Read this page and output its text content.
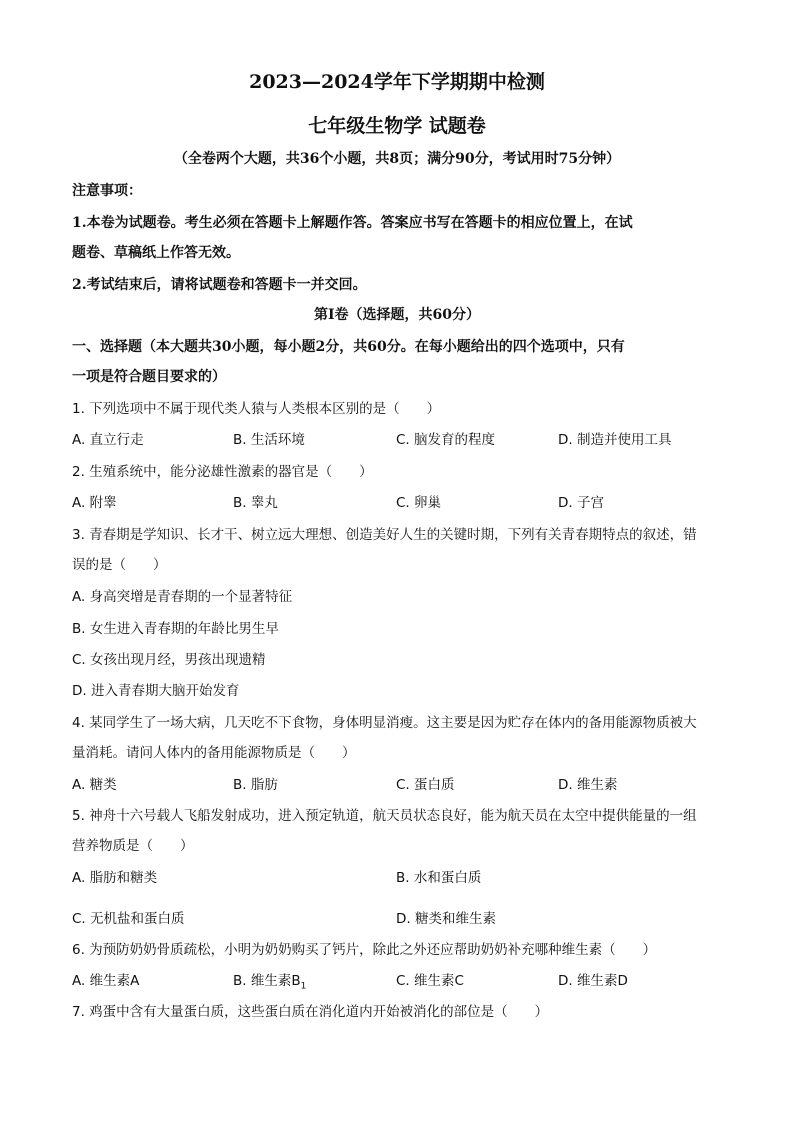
2023—2024学年下学期期中检测
七年级生物学 试题卷
（全卷两个大题，共36个小题，共8页；满分90分，考试用时75分钟）
注意事项：
1.本卷为试题卷。考生必须在答题卡上解题作答。答案应书写在答题卡的相应位置上，在试
题卷、草稿纸上作答无效。
2.考试结束后，请将试题卷和答题卡一并交回。
第Ⅰ卷（选择题，共60分）
一、选择题（本大题共30小题，每小题2分，共60分。在每小题给出的四个选项中，只有
一项是符合题目要求的）
1. 下列选项中不属于现代类人猿与人类根本区别的是（　　）
A. 直立行走	B. 生活环境	C. 脑发育的程度	D. 制造并使用工具
2. 生殖系统中，能分泌雄性激素的器官是（　　）
A. 附睾	B. 睾丸	C. 卵巢	D. 子宫
3. 青春期是学知识、长才干、树立远大理想、创造美好人生的关键时期，下列有关青春期特点的叙述，错
误的是（　　）
A. 身高突增是青春期的一个显著特征
B. 女生进入青春期的年龄比男生早
C. 女孩出现月经，男孩出现遗精
D. 进入青春期大脑开始发育
4. 某同学生了一场大病，几天吃不下食物，身体明显消瘦。这主要是因为贮存在体内的备用能源物质被大
量消耗。请问人体内的备用能源物质是（　　）
A. 糖类	B. 脂肪	C. 蛋白质	D. 维生素
5. 神舟十六号载人飞船发射成功，进入预定轨道，航天员状态良好，能为航天员在太空中提供能量的一组
营养物质是（　　）
A. 脂肪和糖类	B. 水和蛋白质
C. 无机盐和蛋白质	D. 糖类和维生素
6. 为预防奶奶骨质疏松，小明为奶奶购买了钙片，除此之外还应帮助奶奶补充哪种维生素（　　）
A. 维生素A	B. 维生素$B_1$	C. 维生素C	D. 维生素D
7. 鸡蛋中含有大量蛋白质，这些蛋白质在消化道内开始被消化的部位是（　　）
